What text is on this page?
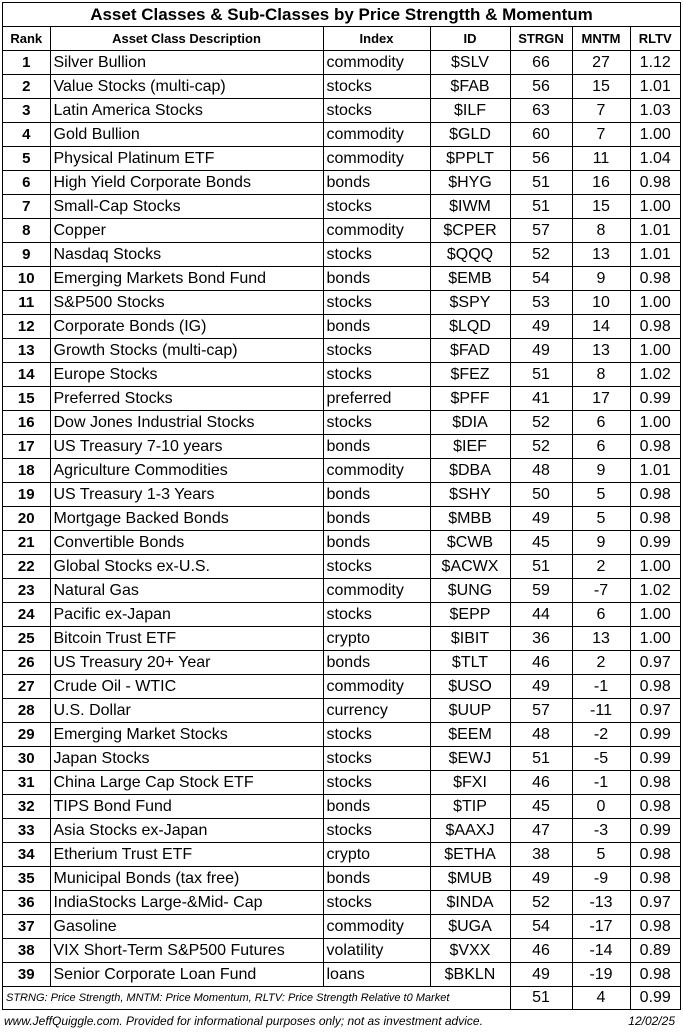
Asset Classes & Sub-Classes by Price Strengtth & Momentum
Rank	Asset Class Description	Index	ID	STRGN	MNTM	RLTV
1	Silver Bullion	commodity	$SLV	66	27	1.12
2	Value Stocks (multi-cap)	stocks	$FAB	56	15	1.01
3	Latin America Stocks	stocks	$ILF	63	7	1.03
4	Gold Bullion	commodity	$GLD	60	7	1.00
5	Physical Platinum ETF	commodity	$PPLT	56	11	1.04
6	High Yield Corporate Bonds	bonds	$HYG	51	16	0.98
7	Small-Cap Stocks	stocks	$IWM	51	15	1.00
8	Copper	commodity	$CPER	57	8	1.01
9	Nasdaq Stocks	stocks	$QQQ	52	13	1.01
10	Emerging Markets Bond Fund	bonds	$EMB	54	9	0.98
11	S&P500 Stocks	stocks	$SPY	53	10	1.00
12	Corporate Bonds (IG)	bonds	$LQD	49	14	0.98
13	Growth Stocks (multi-cap)	stocks	$FAD	49	13	1.00
14	Europe Stocks	stocks	$FEZ	51	8	1.02
15	Preferred Stocks	preferred	$PFF	41	17	0.99
16	Dow Jones Industrial Stocks	stocks	$DIA	52	6	1.00
17	US Treasury 7-10 years	bonds	$IEF	52	6	0.98
18	Agriculture Commodities	commodity	$DBA	48	9	1.01
19	US Treasury 1-3 Years	bonds	$SHY	50	5	0.98
20	Mortgage Backed Bonds	bonds	$MBB	49	5	0.98
21	Convertible Bonds	bonds	$CWB	45	9	0.99
22	Global Stocks ex-U.S.	stocks	$ACWX	51	2	1.00
23	Natural Gas	commodity	$UNG	59	-7	1.02
24	Pacific ex-Japan	stocks	$EPP	44	6	1.00
25	Bitcoin Trust ETF	crypto	$IBIT	36	13	1.00
26	US Treasury 20+ Year	bonds	$TLT	46	2	0.97
27	Crude Oil - WTIC	commodity	$USO	49	-1	0.98
28	U.S. Dollar	currency	$UUP	57	-11	0.97
29	Emerging Market Stocks	stocks	$EEM	48	-2	0.99
30	Japan Stocks	stocks	$EWJ	51	-5	0.99
31	China Large Cap Stock ETF	stocks	$FXI	46	-1	0.98
32	TIPS Bond Fund	bonds	$TIP	45	0	0.98
33	Asia Stocks ex-Japan	stocks	$AAXJ	47	-3	0.99
34	Etherium Trust ETF	crypto	$ETHA	38	5	0.98
35	Municipal Bonds (tax free)	bonds	$MUB	49	-9	0.98
36	IndiaStocks Large-&Mid- Cap	stocks	$INDA	52	-13	0.97
37	Gasoline	commodity	$UGA	54	-17	0.98
38	VIX Short-Term S&P500 Futures	volatility	$VXX	46	-14	0.89
39	Senior Corporate Loan Fund	loans	$BKLN	49	-19	0.98
STRNG: Price Strength, MNTM: Price Momentum, RLTV: Price Strength Relative t0 Market				51	4	0.99
www.JeffQuiggle.com. Provided for informational purposes only; not as investment advice.	12/02/25
